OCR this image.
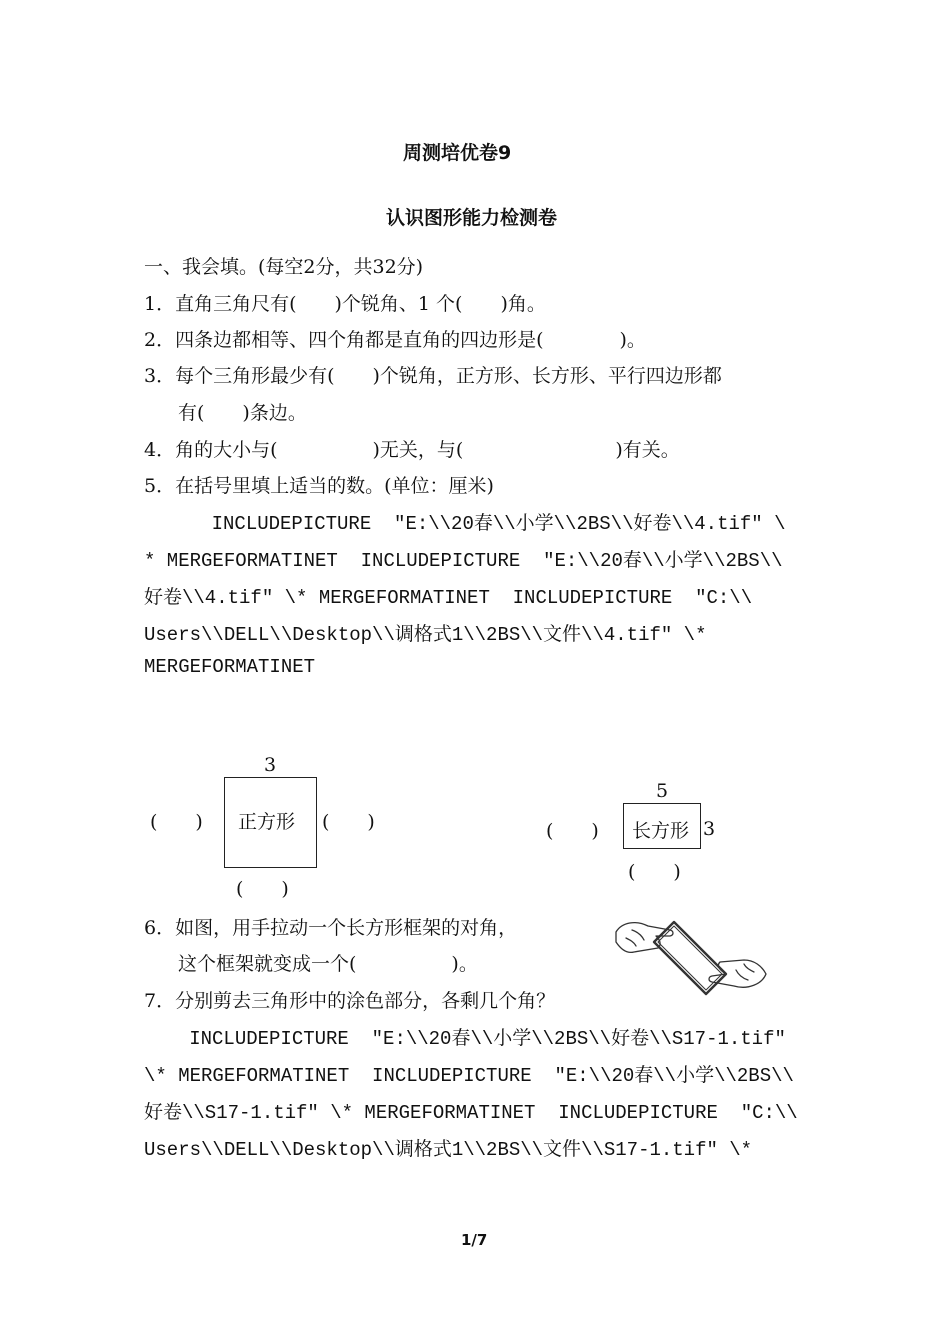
周测培优卷9
认识图形能力检测卷
一、我会填。(每空2分，共32分)
1．直角三角尺有(　　)个锐角、1 个(　　)角。
2．四条边都相等、四个角都是直角的四边形是(　　　　)。
3．每个三角形最少有(　　)个锐角，正方形、长方形、平行四边形都
有(　　)条边。
4．角的大小与(　　　　　)无关，与(　　　　　　　　)有关。
5．在括号里填上适当的数。(单位：厘米)
INCLUDEPICTURE  "E:\\20春\\小学\\2BS\\好卷\\4.tif" \
* MERGEFORMATINET  INCLUDEPICTURE  "E:\\20春\\小学\\2BS\\
好卷\\4.tif" \* MERGEFORMATINET  INCLUDEPICTURE  "C:\\
Users\\DELL\\Desktop\\调格式1\\2BS\\文件\\4.tif" \*
MERGEFORMATINET
3
正方形
(　　)	(　　)
(　　)
5
长方形 3
(　　)
(　　)
6．如图，用手拉动一个长方形框架的对角，
这个框架就变成一个(　　　　　)。
7．分别剪去三角形中的涂色部分，各剩几个角？
INCLUDEPICTURE  "E:\\20春\\小学\\2BS\\好卷\\S17-1.tif"
\* MERGEFORMATINET  INCLUDEPICTURE  "E:\\20春\\小学\\2BS\\
好卷\\S17-1.tif" \* MERGEFORMATINET  INCLUDEPICTURE  "C:\\
Users\\DELL\\Desktop\\调格式1\\2BS\\文件\\S17-1.tif" \*
1/7
